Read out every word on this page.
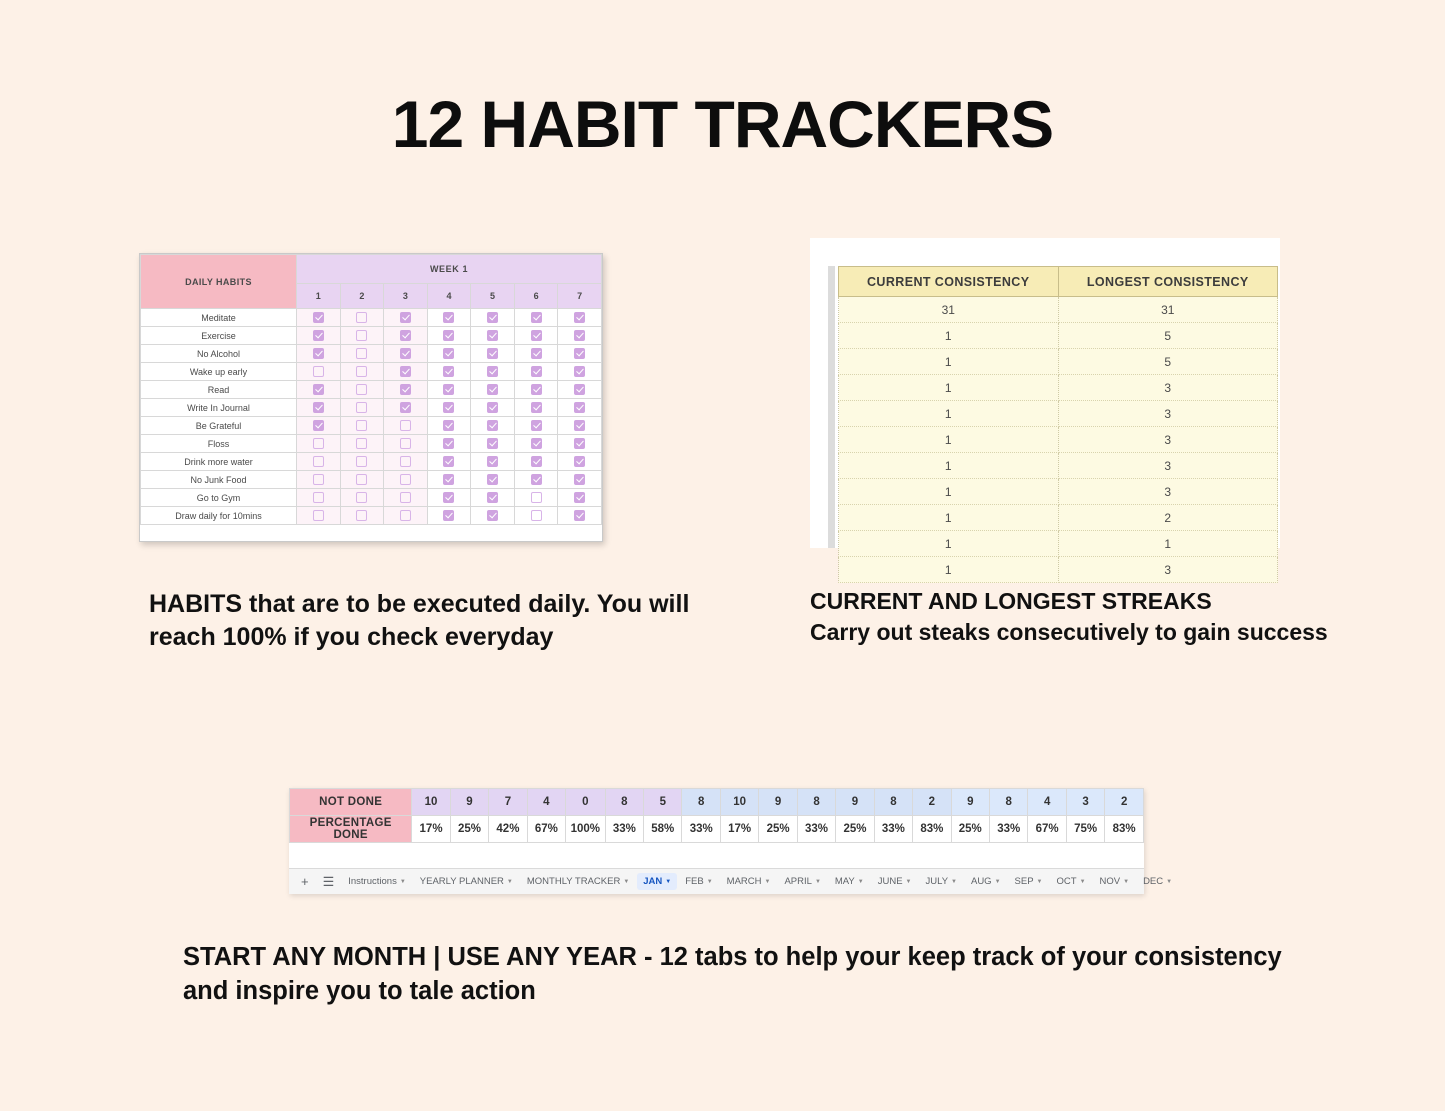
12 HABIT TRACKERS
DAILY HABITS	WEEK 1						
	1	2	3	4	5	6	7
Meditate							
Exercise							
No Alcohol							
Wake up early							
Read							
Write In Journal							
Be Grateful							
Floss							
Drink more water							
No Junk Food							
Go to Gym							
Draw daily for 10mins							
CURRENT CONSISTENCY	LONGEST CONSISTENCY
31	31
1	5
1	5
1	3
1	3
1	3
1	3
1	3
1	2
1	1
1	3
HABITS that are to be executed daily. You will reach 100% if you check everyday
CURRENT AND LONGEST STREAKS
Carry out steaks consecutively to gain success
START ANY MONTH | USE ANY YEAR - 12 tabs to help your keep track of your consistency and inspire you to tale action
NOT DONE	10	9	7	4	0	8	5	8	10	9	8	9	8	2	9	8	4	3	2
PERCENTAGE DONE	17%	25%	42%	67%	100%	33%	58%	33%	17%	25%	33%	25%	33%	83%	25%	33%	67%	75%	83%
+	☰	Instructions ▼ YEARLY PLANNER ▼ MONTHLY TRACKER ▼ JAN ▼ FEB ▼ MARCH ▼ APRIL ▼ MAY ▼ JUNE ▼ JULY ▼ AUG ▼ SEP ▼ OCT ▼ NOV ▼ DEC ▼
